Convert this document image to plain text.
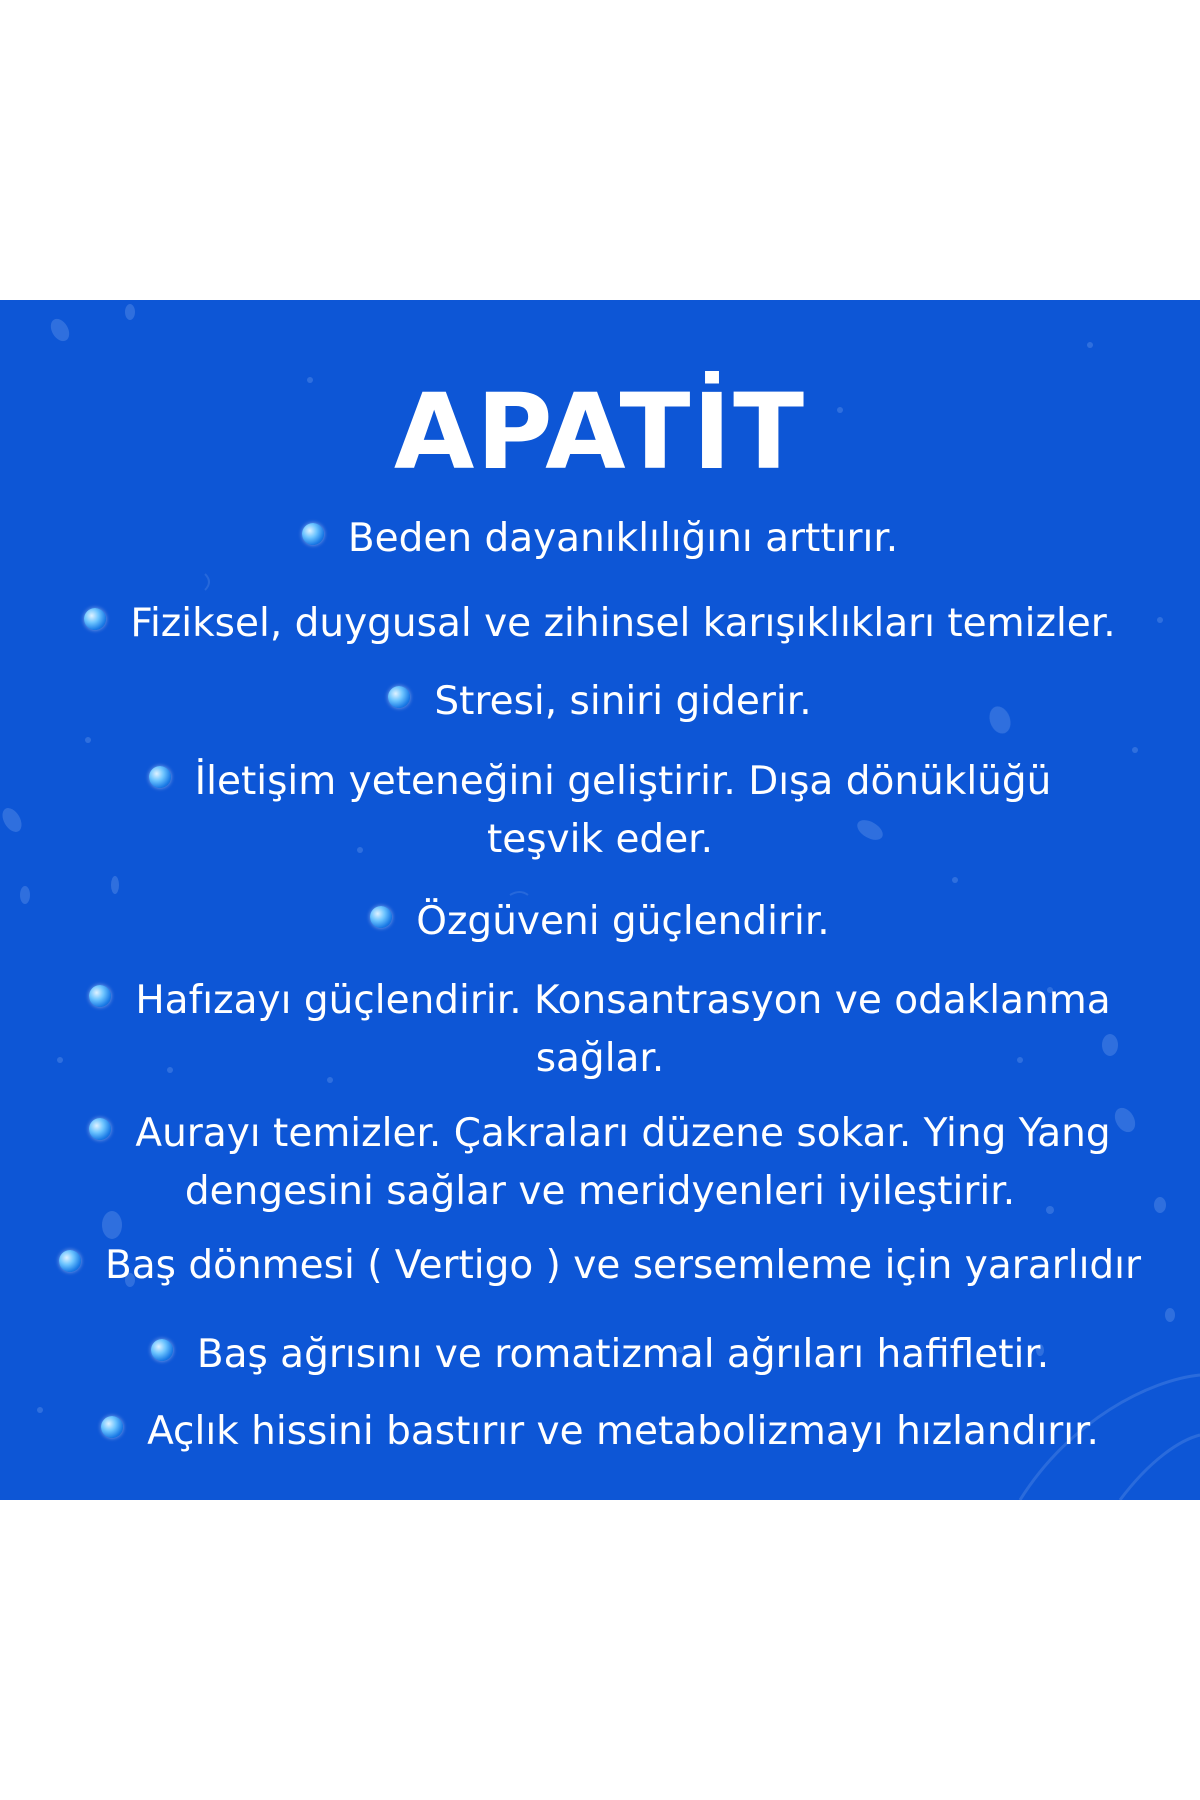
APATİT
Beden dayanıklılığını arttırır.
Fiziksel, duygusal ve zihinsel karışıklıkları temizler.
Stresi, siniri giderir.
İletişim yeteneğini geliştirir. Dışa dönüklüğü
teşvik eder.
Özgüveni güçlendirir.
Hafızayı güçlendirir. Konsantrasyon ve odaklanma
sağlar.
Aurayı temizler. Çakraları düzene sokar. Ying Yang
dengesini sağlar ve meridyenleri iyileştirir.
Baş dönmesi ( Vertigo ) ve sersemleme için yararlıdır
Baş ağrısını ve romatizmal ağrıları hafifletir.
Açlık hissini bastırır ve metabolizmayı hızlandırır.
